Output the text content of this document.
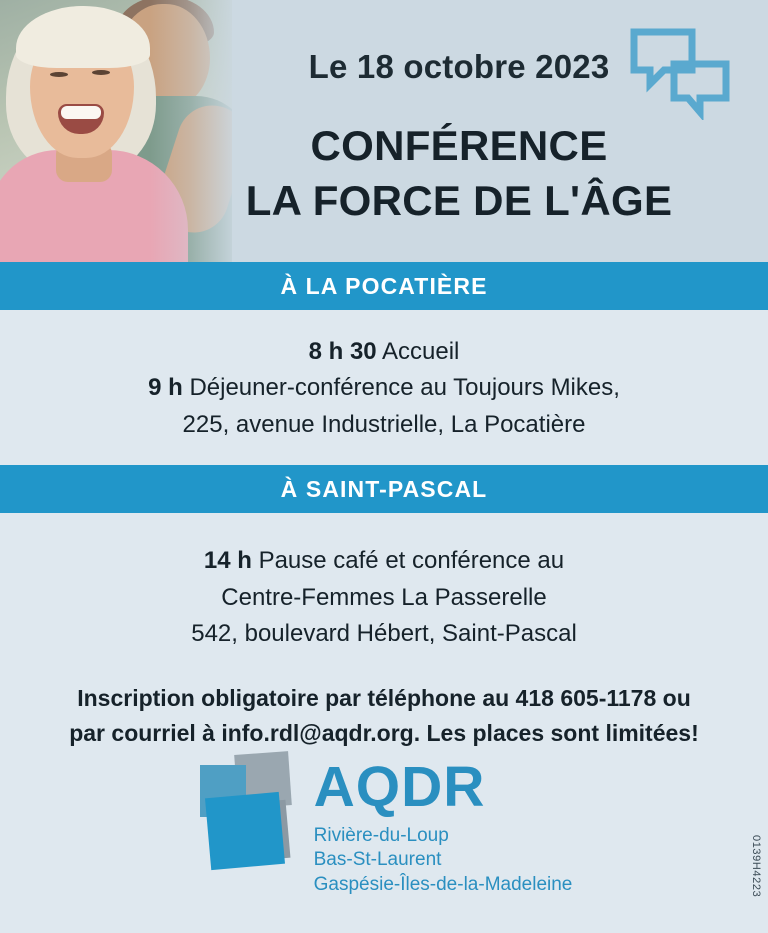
Le 18 octobre 2023
CONFÉRENCE
LA FORCE DE L'ÂGE
À LA POCATIÈRE
8 h 30 Accueil
9 h Déjeuner-conférence au Toujours Mikes,
225, avenue Industrielle, La Pocatière
À SAINT-PASCAL
14 h Pause café et conférence au
Centre-Femmes La Passerelle
542, boulevard Hébert, Saint-Pascal
Inscription obligatoire par téléphone au 418 605-1178 ou
par courriel à info.rdl@aqdr.org. Les places sont limitées!
AQDR
Rivière-du-Loup
Bas-St-Laurent
Gaspésie-Îles-de-la-Madeleine	0139H4223
